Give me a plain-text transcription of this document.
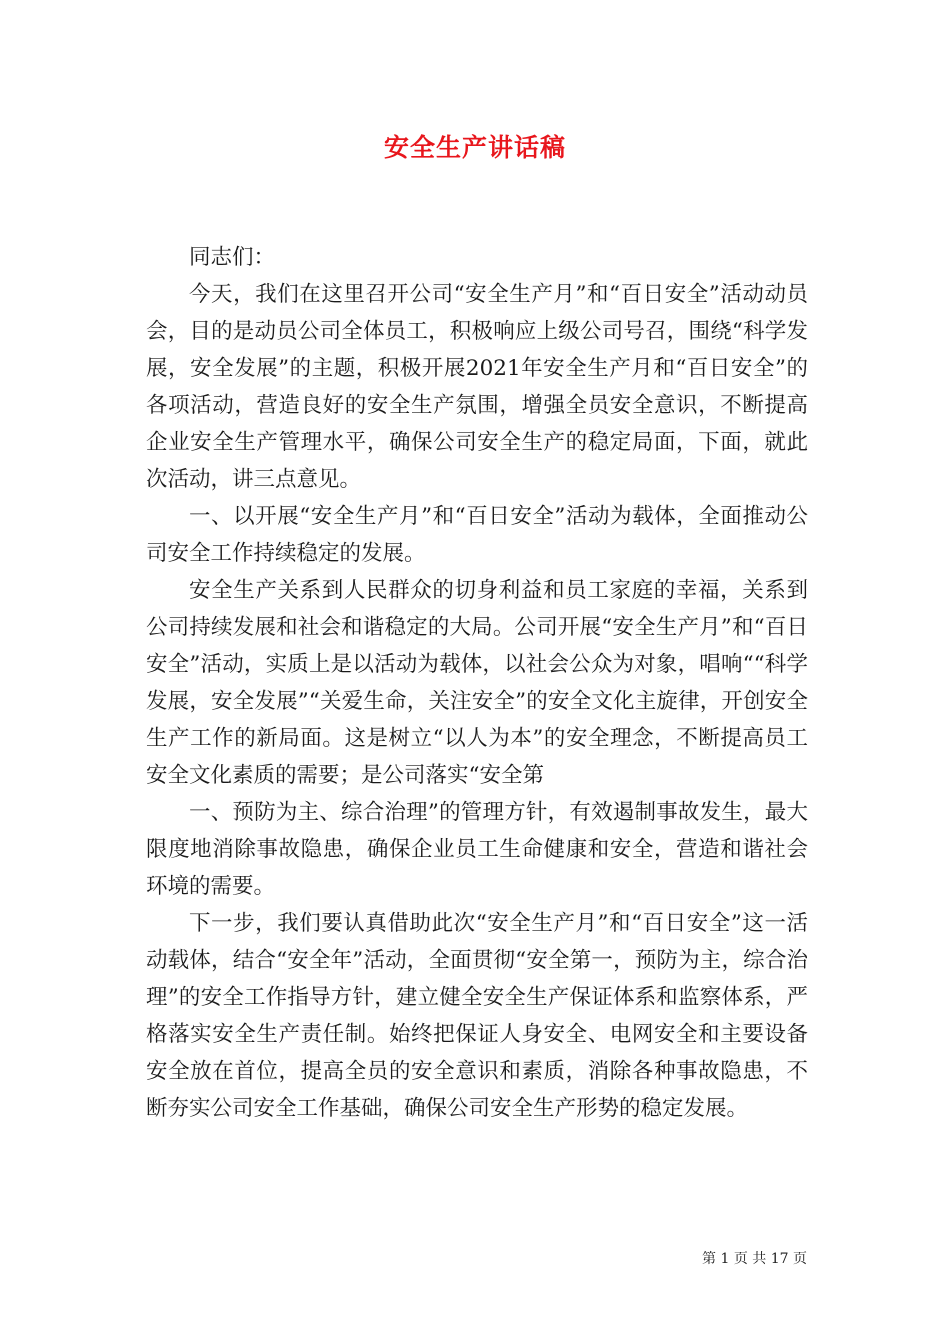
安全生产讲话稿

同志们：

今天，我们在这里召开公司“安全生产月”和“百日安全”活动动员会，目的是动员公司全体员工，积极响应上级公司号召，围绕“科学发展，安全发展”的主题，积极开展2021年安全生产月和“百日安全”的各项活动，营造良好的安全生产氛围，增强全员安全意识，不断提高企业安全生产管理水平，确保公司安全生产的稳定局面，下面，就此次活动，讲三点意见。

一、以开展“安全生产月”和“百日安全”活动为载体，全面推动公司安全工作持续稳定的发展。

安全生产关系到人民群众的切身利益和员工家庭的幸福，关系到公司持续发展和社会和谐稳定的大局。公司开展“安全生产月”和“百日安全”活动，实质上是以活动为载体，以社会公众为对象，唱响““科学发展，安全发展”“关爱生命，关注安全”的安全文化主旋律，开创安全生产工作的新局面。这是树立“以人为本”的安全理念，不断提高员工安全文化素质的需要；是公司落实“安全第

一、预防为主、综合治理”的管理方针，有效遏制事故发生，最大限度地消除事故隐患，确保企业员工生命健康和安全，营造和谐社会环境的需要。

下一步，我们要认真借助此次“安全生产月”和“百日安全”这一活动载体，结合“安全年”活动，全面贯彻“安全第一，预防为主，综合治理”的安全工作指导方针，建立健全安全生产保证体系和监察体系，严格落实安全生产责任制。始终把保证人身安全、电网安全和主要设备安全放在首位，提高全员的安全意识和素质，消除各种事故隐患，不断夯实公司安全工作基础，确保公司安全生产形势的稳定发展。

第 1 页 共 17 页
